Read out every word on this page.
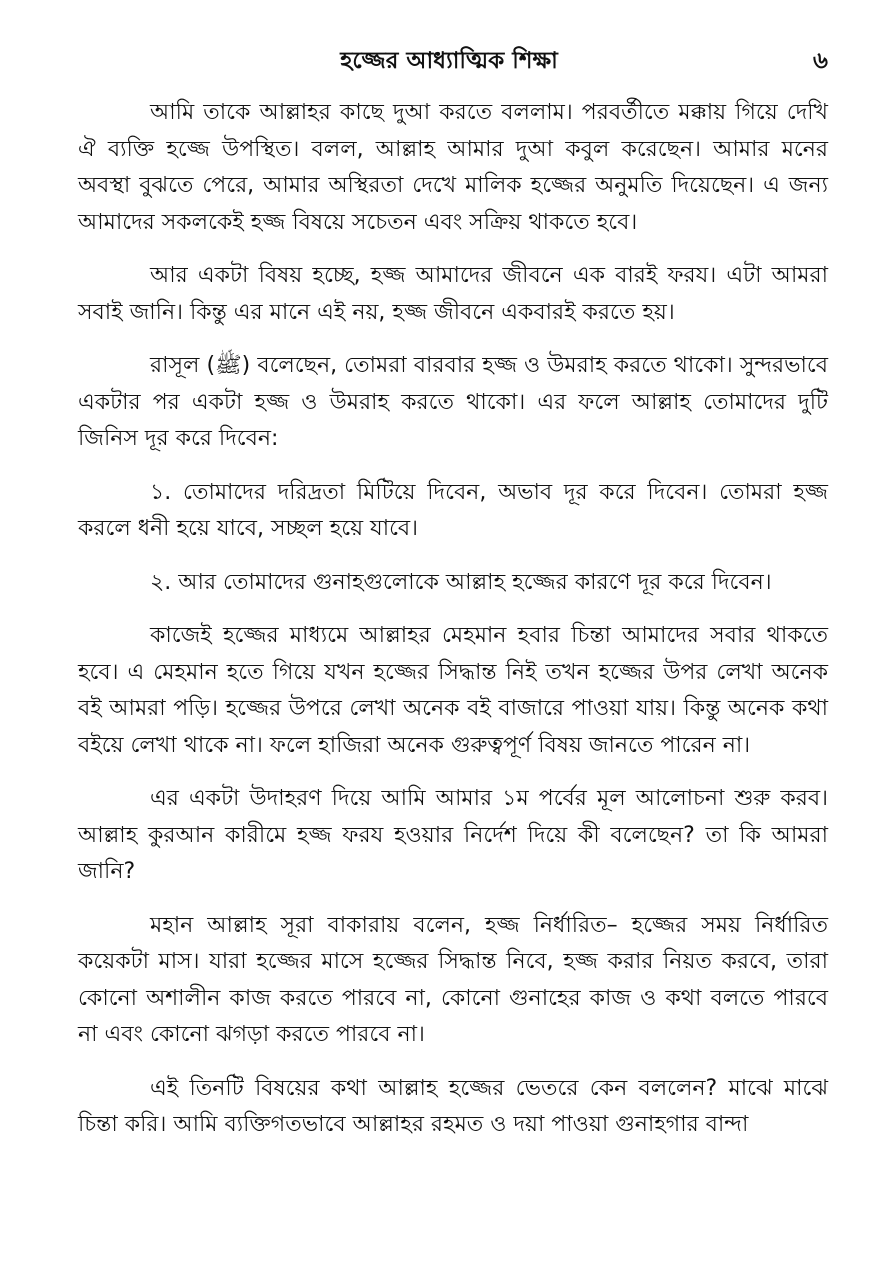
হজ্জের আধ্যাত্মিক শিক্ষা	৬

আমি তাকে আল্লাহর কাছে দুআ করতে বললাম। পরবর্তীতে মক্কায় গিয়ে দেখি ঐ ব্যক্তি হজ্জে উপস্থিত। বলল, আল্লাহ আমার দুআ কবুল করেছেন। আমার মনের অবস্থা বুঝতে পেরে, আমার অস্থিরতা দেখে মালিক হজ্জের অনুমতি দিয়েছেন। এ জন্য আমাদের সকলকেই হজ্জ বিষয়ে সচেতন এবং সক্রিয় থাকতে হবে।

আর একটা বিষয় হচ্ছে, হজ্জ আমাদের জীবনে এক বারই ফরয। এটা আমরা সবাই জানি। কিন্তু এর মানে এই নয়, হজ্জ জীবনে একবারই করতে হয়।

রাসূল (ﷺ) বলেছেন, তোমরা বারবার হজ্জ ও উমরাহ করতে থাকো। সুন্দরভাবে একটার পর একটা হজ্জ ও উমরাহ করতে থাকো। এর ফলে আল্লাহ তোমাদের দুটি জিনিস দূর করে দিবেন:

১. তোমাদের দরিদ্রতা মিটিয়ে দিবেন, অভাব দূর করে দিবেন। তোমরা হজ্জ করলে ধনী হয়ে যাবে, সচ্ছল হয়ে যাবে।

২. আর তোমাদের গুনাহগুলোকে আল্লাহ হজ্জের কারণে দূর করে দিবেন।

কাজেই হজ্জের মাধ্যমে আল্লাহর মেহমান হবার চিন্তা আমাদের সবার থাকতে হবে। এ মেহমান হতে গিয়ে যখন হজ্জের সিদ্ধান্ত নিই তখন হজ্জের উপর লেখা অনেক বই আমরা পড়ি। হজ্জের উপরে লেখা অনেক বই বাজারে পাওয়া যায়। কিন্তু অনেক কথা বইয়ে লেখা থাকে না। ফলে হাজিরা অনেক গুরুত্বপূর্ণ বিষয় জানতে পারেন না।

এর একটা উদাহরণ দিয়ে আমি আমার ১ম পর্বের মূল আলোচনা শুরু করব। আল্লাহ কুরআন কারীমে হজ্জ ফরয হওয়ার নির্দেশ দিয়ে কী বলেছেন? তা কি আমরা জানি?

মহান আল্লাহ সূরা বাকারায় বলেন, হজ্জ নির্ধারিত– হজ্জের সময় নির্ধারিত কয়েকটা মাস। যারা হজ্জের মাসে হজ্জের সিদ্ধান্ত নিবে, হজ্জ করার নিয়ত করবে, তারা কোনো অশালীন কাজ করতে পারবে না, কোনো গুনাহের কাজ ও কথা বলতে পারবে না এবং কোনো ঝগড়া করতে পারবে না।

এই তিনটি বিষয়ের কথা আল্লাহ হজ্জের ভেতরে কেন বললেন? মাঝে মাঝে চিন্তা করি। আমি ব্যক্তিগতভাবে আল্লাহর রহমত ও দয়া পাওয়া গুনাহগার বান্দা
